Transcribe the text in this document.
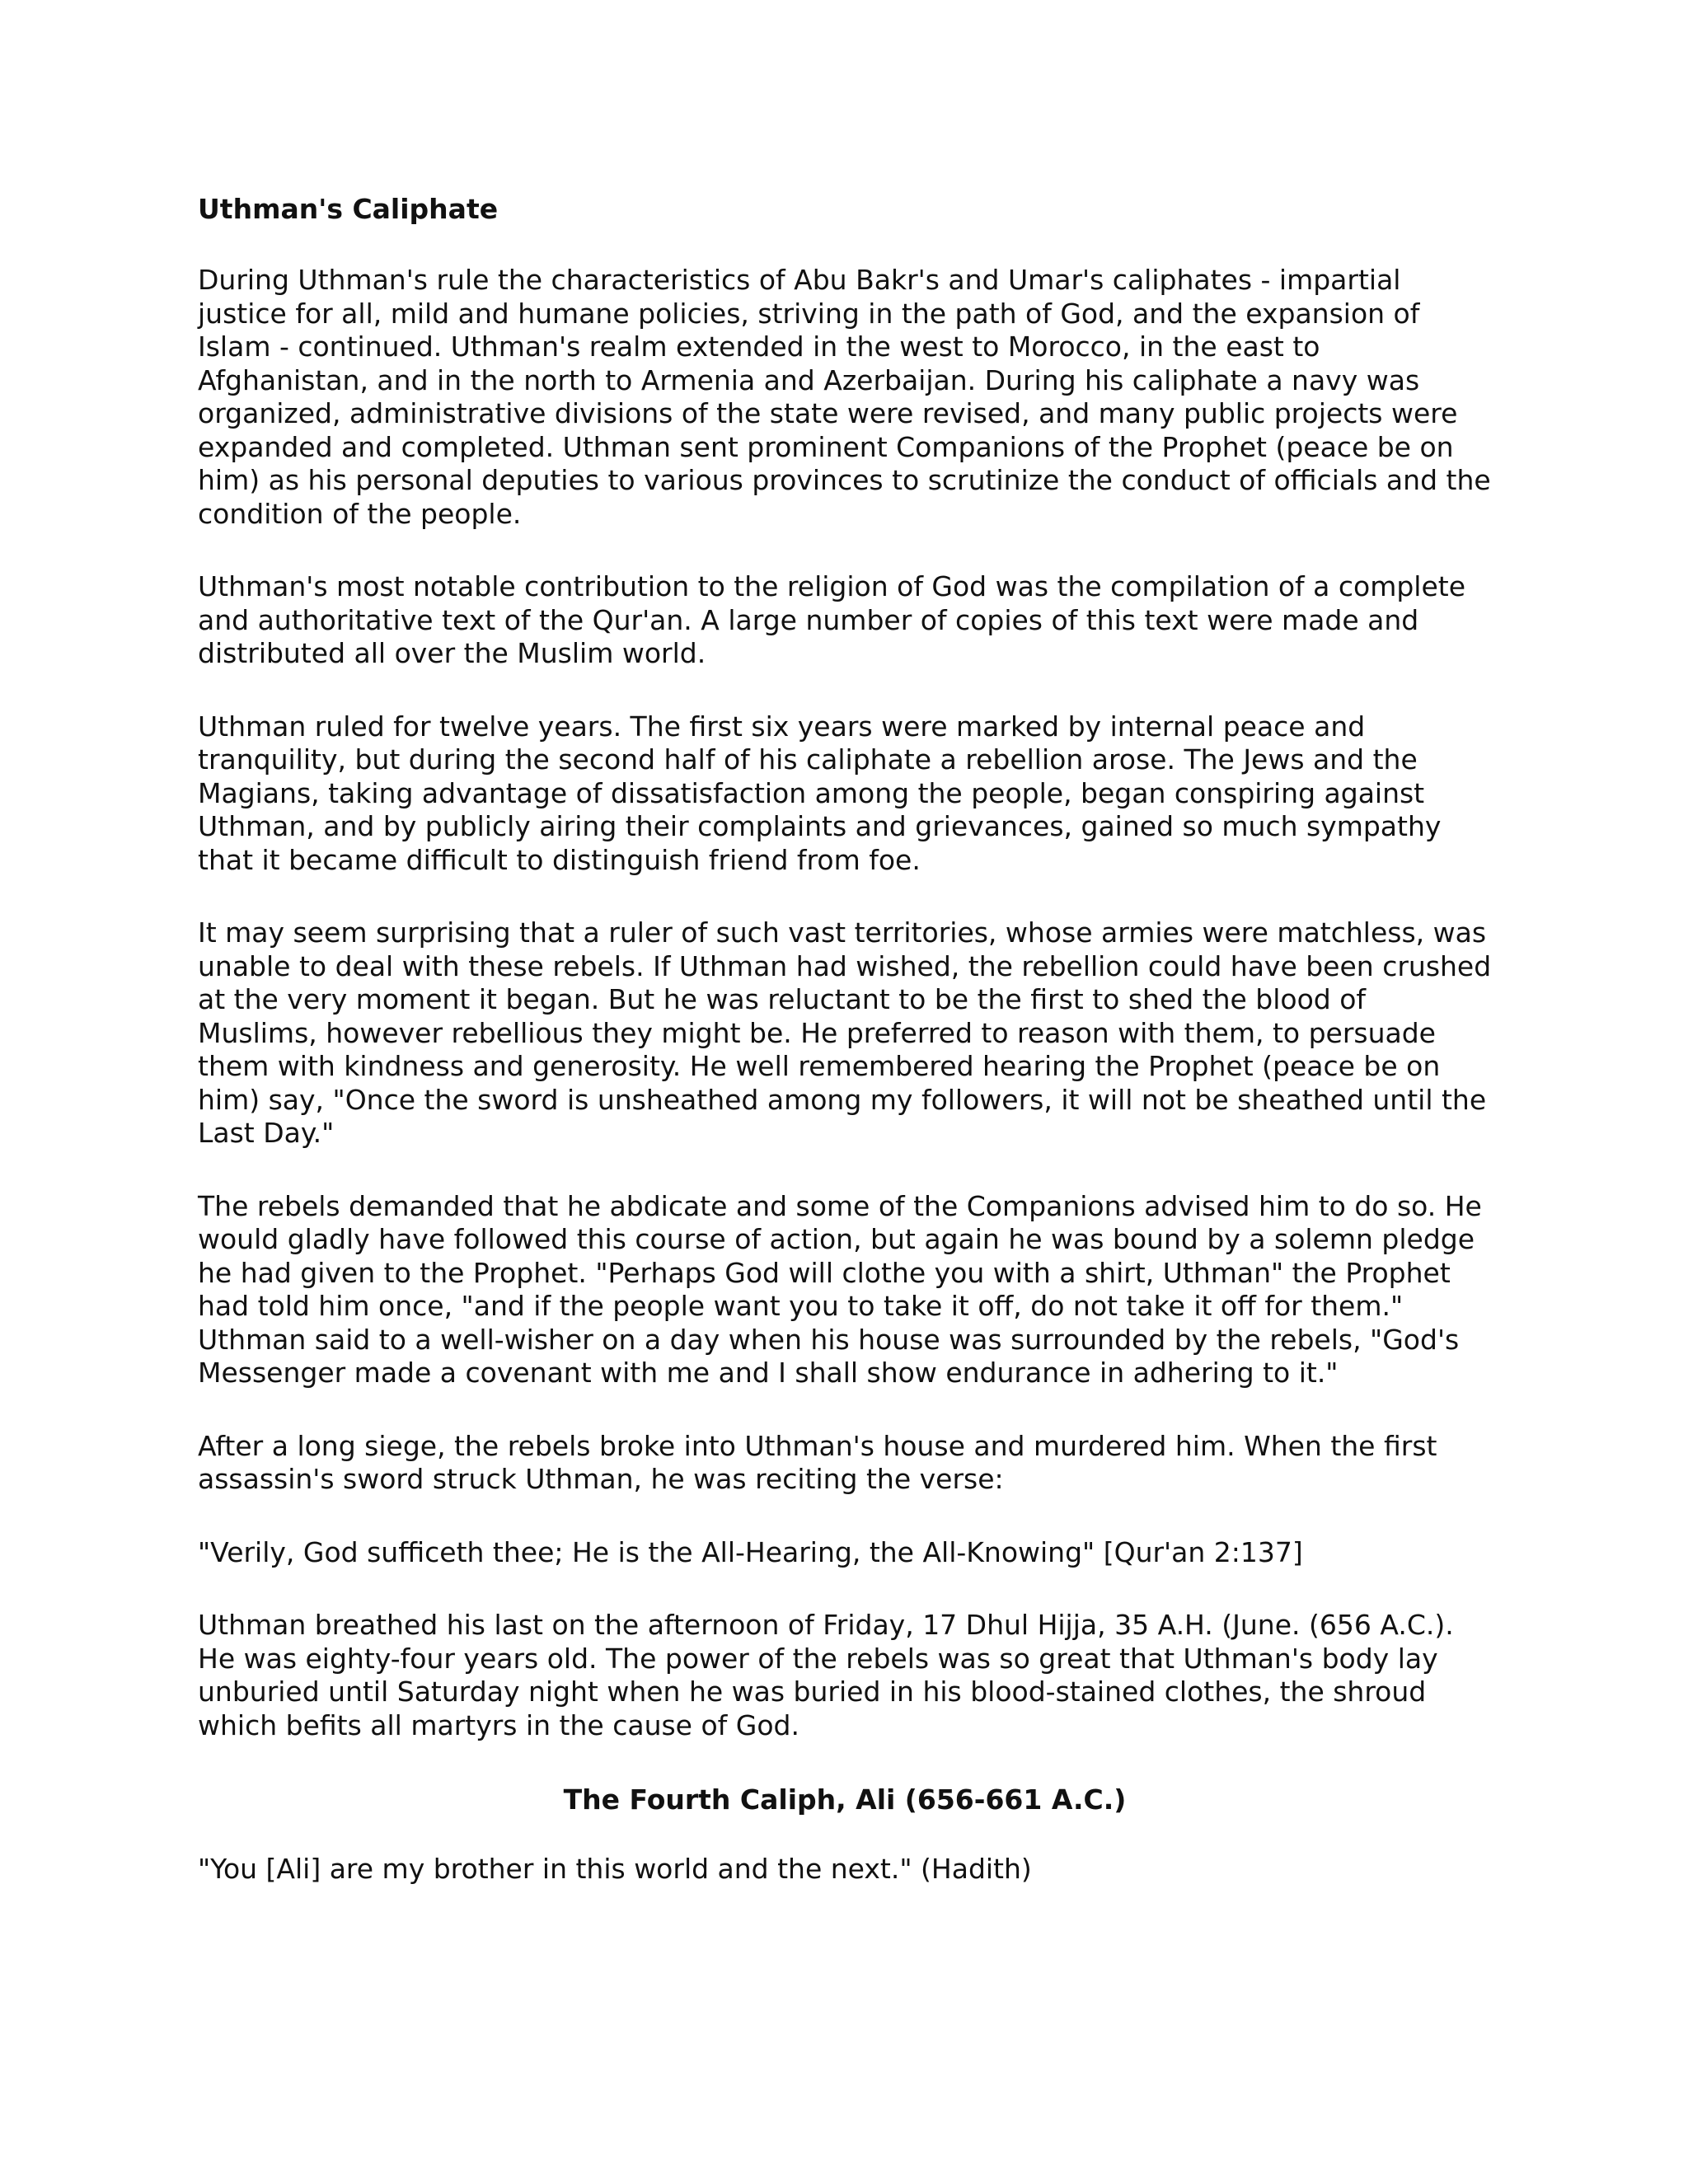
Uthman's Caliphate

During Uthman's rule the characteristics of Abu Bakr's and Umar's caliphates - impartial justice for all, mild and humane policies, striving in the path of God, and the expansion of Islam - continued. Uthman's realm extended in the west to Morocco, in the east to Afghanistan, and in the north to Armenia and Azerbaijan. During his caliphate a navy was organized, administrative divisions of the state were revised, and many public projects were expanded and completed. Uthman sent prominent Companions of the Prophet (peace be on him) as his personal deputies to various provinces to scrutinize the conduct of officials and the condition of the people.

Uthman's most notable contribution to the religion of God was the compilation of a complete and authoritative text of the Qur'an. A large number of copies of this text were made and distributed all over the Muslim world.

Uthman ruled for twelve years. The first six years were marked by internal peace and tranquility, but during the second half of his caliphate a rebellion arose. The Jews and the Magians, taking advantage of dissatisfaction among the people, began conspiring against Uthman, and by publicly airing their complaints and grievances, gained so much sympathy that it became difficult to distinguish friend from foe.

It may seem surprising that a ruler of such vast territories, whose armies were matchless, was unable to deal with these rebels. If Uthman had wished, the rebellion could have been crushed at the very moment it began. But he was reluctant to be the first to shed the blood of Muslims, however rebellious they might be. He preferred to reason with them, to persuade them with kindness and generosity. He well remembered hearing the Prophet (peace be on him) say, "Once the sword is unsheathed among my followers, it will not be sheathed until the Last Day."

The rebels demanded that he abdicate and some of the Companions advised him to do so. He would gladly have followed this course of action, but again he was bound by a solemn pledge he had given to the Prophet. "Perhaps God will clothe you with a shirt, Uthman" the Prophet had told him once, "and if the people want you to take it off, do not take it off for them." Uthman said to a well-wisher on a day when his house was surrounded by the rebels, "God's Messenger made a covenant with me and I shall show endurance in adhering to it."

After a long siege, the rebels broke into Uthman's house and murdered him. When the first assassin's sword struck Uthman, he was reciting the verse:

"Verily, God sufficeth thee; He is the All-Hearing, the All-Knowing" [Qur'an 2:137]

Uthman breathed his last on the afternoon of Friday, 17 Dhul Hijja, 35 A.H. (June. (656 A.C.). He was eighty-four years old. The power of the rebels was so great that Uthman's body lay unburied until Saturday night when he was buried in his blood-stained clothes, the shroud which befits all martyrs in the cause of God.

The Fourth Caliph, Ali (656-661 A.C.)

"You [Ali] are my brother in this world and the next." (Hadith)
